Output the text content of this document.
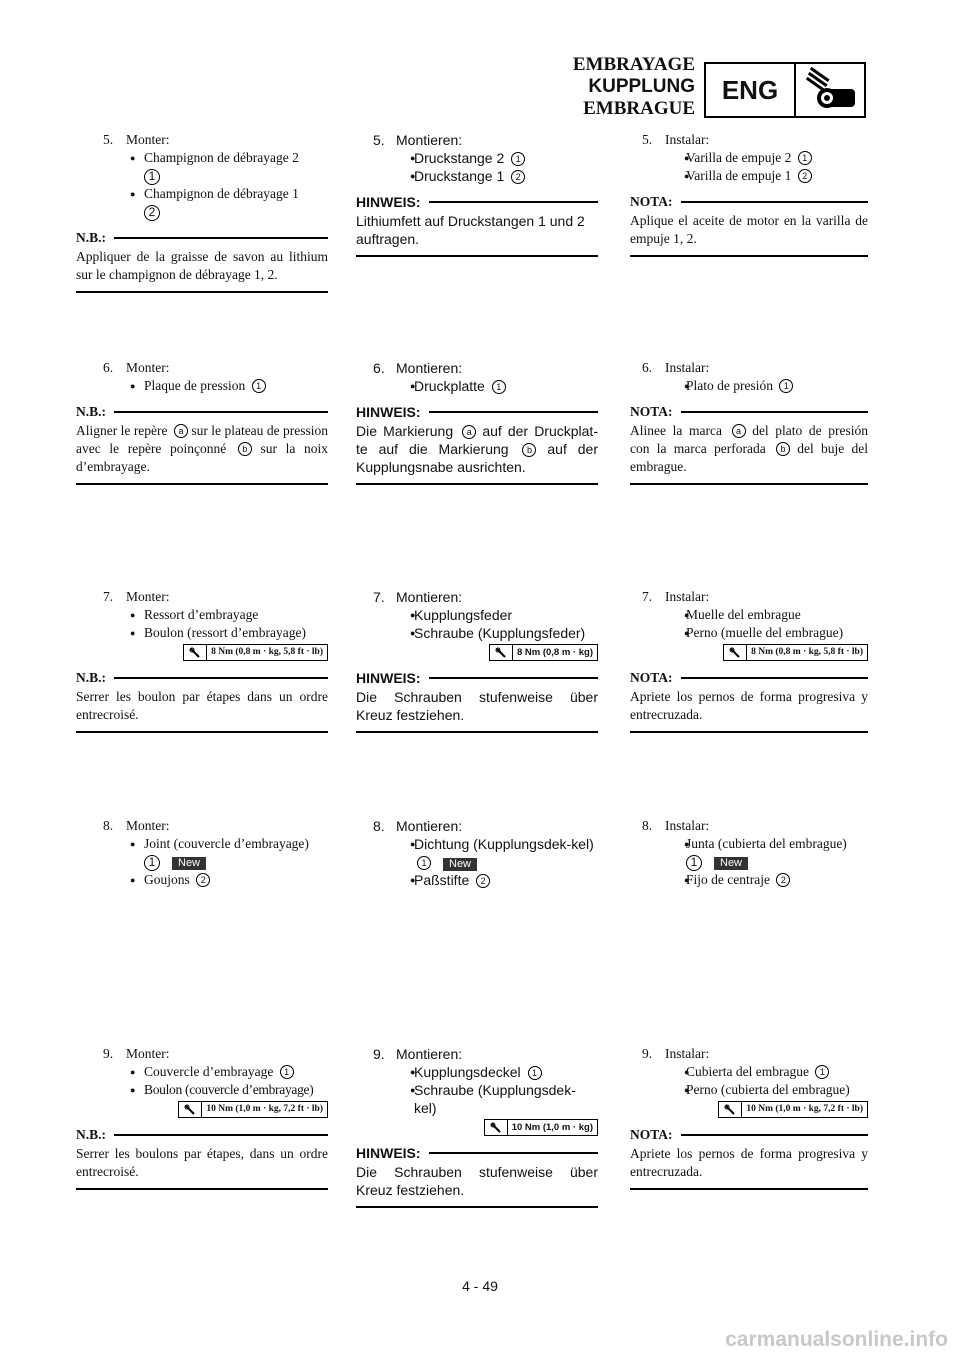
EMBRAYAGE
KUPPLUNG
EMBRAGUE
ENG
5. Monter:
● Champignon de débrayage 2
1
● Champignon de débrayage 1
2
N.B.:
Appliquer de la graisse de savon au lithium sur le champignon de débrayage 1, 2.
6. Monter:
● Plaque de pression 1
N.B.:
Aligner le repère a sur le plateau de pression avec le repère poinçonné b sur la noix d’embrayage.
7. Monter:
● Ressort d’embrayage
● Boulon (ressort d’embrayage)
8 Nm (0,8 m · kg, 5,8 ft · lb)
N.B.:
Serrer les boulon par étapes dans un ordre entrecroisé.
8. Monter:
● Joint (couvercle d’embrayage)
1 New
● Goujons 2
9. Monter:
● Couvercle d’embrayage 1
● Boulon (couvercle d’embrayage)
10 Nm (1,0 m · kg, 7,2 ft · lb)
N.B.:
Serrer les boulons par étapes, dans un ordre entrecroisé.
5. Montieren:
● Druckstange 2 1
● Druckstange 1 2
HINWEIS:
Lithiumfett auf Druckstangen 1 und 2 auftragen.
6. Montieren:
● Druckplatte 1
HINWEIS:
Die Markierung a auf der Druckplat-te auf die Markierung b auf der Kupplungsnabe ausrichten.
7. Montieren:
● Kupplungsfeder
● Schraube (Kupplungsfeder)
8 Nm (0,8 m · kg)
HINWEIS:
Die Schrauben stufenweise über Kreuz festziehen.
8. Montieren:
● Dichtung (Kupplungsdek-kel) 1 New
● Paßstifte 2
9. Montieren:
● Kupplungsdeckel 1
● Schraube (Kupplungsdek-kel)
10 Nm (1,0 m · kg)
HINWEIS:
Die Schrauben stufenweise über Kreuz festziehen.
5. Instalar:
● Varilla de empuje 2 1
● Varilla de empuje 1 2
NOTA:
Aplique el aceite de motor en la varilla de empuje 1, 2.
6. Instalar:
● Plato de presión 1
NOTA:
Alinee la marca a del plato de presión con la marca perforada b del buje del embrague.
7. Instalar:
● Muelle del embrague
● Perno (muelle del embrague)
8 Nm (0,8 m · kg, 5,8 ft · lb)
NOTA:
Apriete los pernos de forma progresiva y entrecruzada.
8. Instalar:
● Junta (cubierta del embrague)
1 New
● Fijo de centraje 2
9. Instalar:
● Cubierta del embrague 1
● Perno (cubierta del embrague)
10 Nm (1,0 m · kg, 7,2 ft · lb)
NOTA:
Apriete los pernos de forma progresiva y entrecruzada.
4 - 49
carmanualsonline.info
